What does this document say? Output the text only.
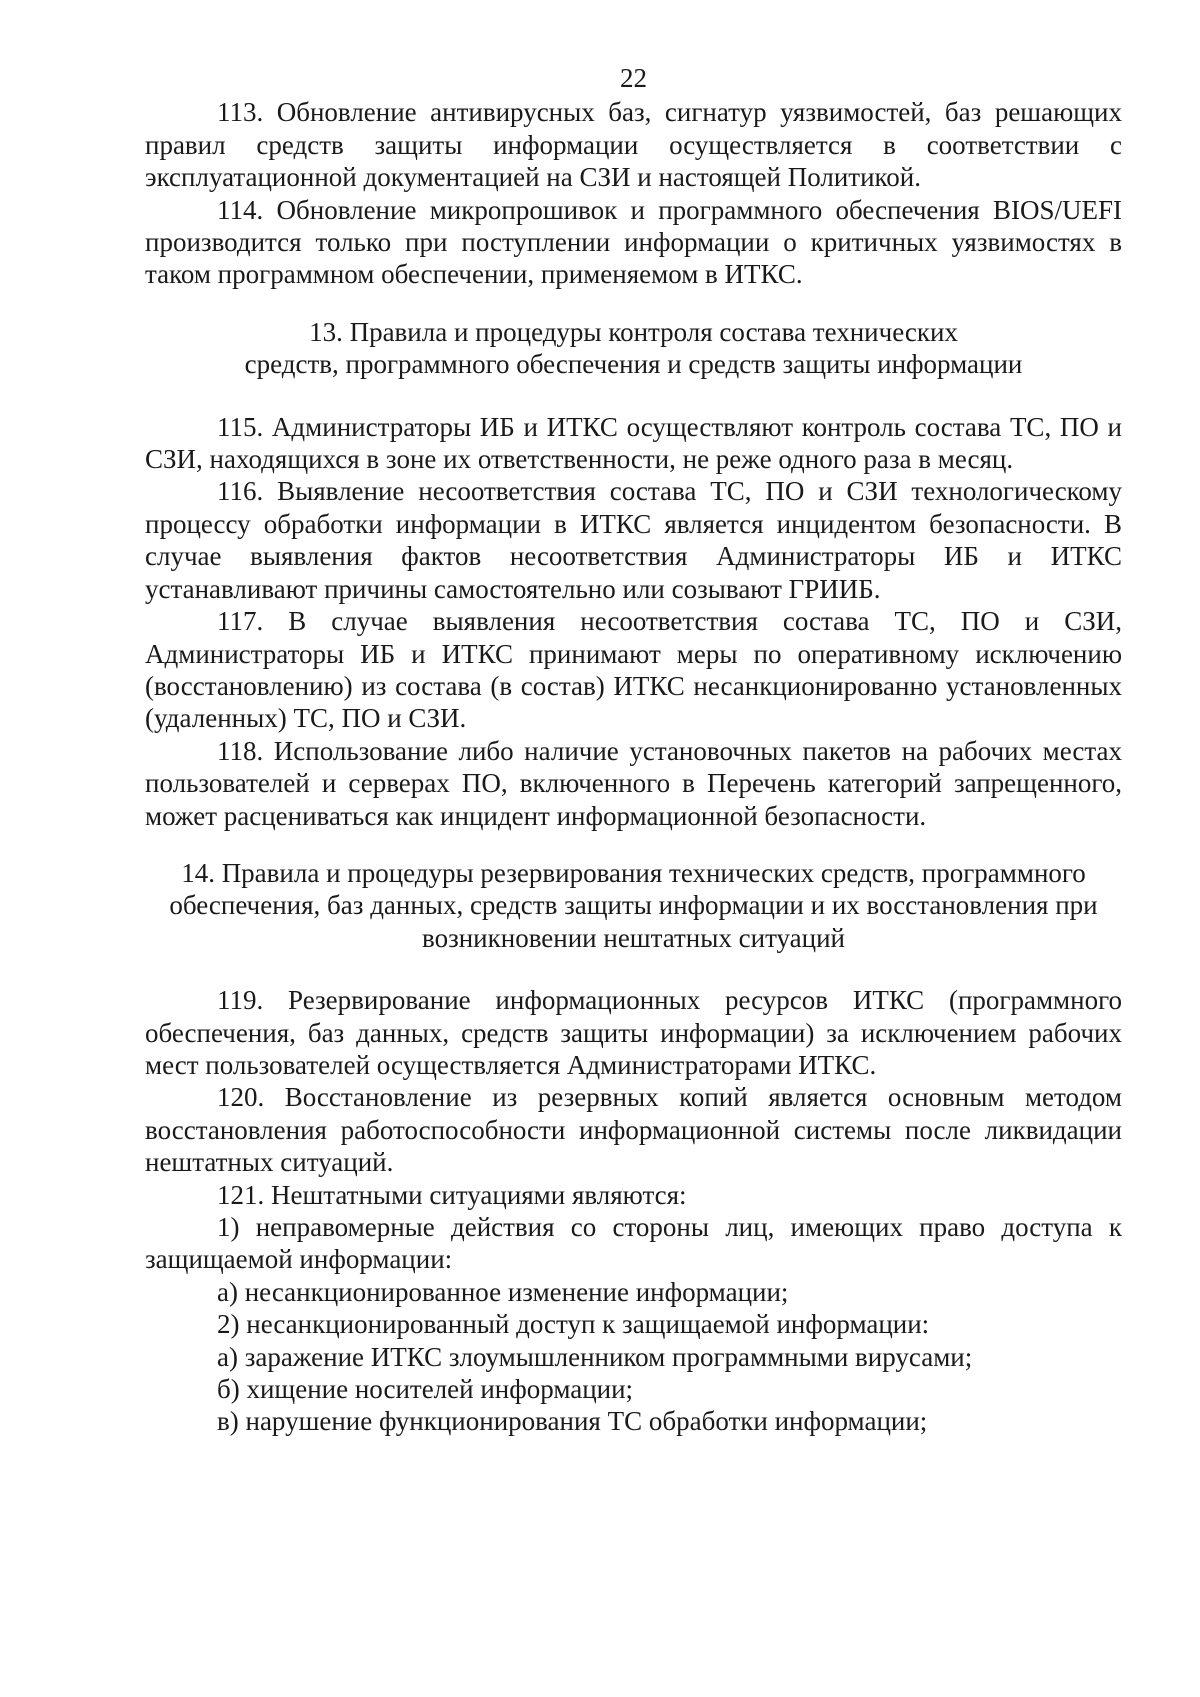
22

113. Обновление антивирусных баз, сигнатур уязвимостей, баз решающих правил средств защиты информации осуществляется в соответствии с эксплуатационной документацией на СЗИ и настоящей Политикой.

114. Обновление микропрошивок и программного обеспечения BIOS/UEFI производится только при поступлении информации о критичных уязвимостях в таком программном обеспечении, применяемом в ИТКС.

13. Правила и процедуры контроля состава технических
средств, программного обеспечения и средств защиты информации

115. Администраторы ИБ и ИТКС осуществляют контроль состава ТС, ПО и СЗИ, находящихся в зоне их ответственности, не реже одного раза в месяц.

116. Выявление несоответствия состава ТС, ПО и СЗИ технологическому процессу обработки информации в ИТКС является инцидентом безопасности. В случае выявления фактов несоответствия Администраторы ИБ и ИТКС устанавливают причины самостоятельно или созывают ГРИИБ.

117. В случае выявления несоответствия состава ТС, ПО и СЗИ, Администраторы ИБ и ИТКС принимают меры по оперативному исключению (восстановлению) из состава (в состав) ИТКС несанкционированно установленных (удаленных) ТС, ПО и СЗИ.

118. Использование либо наличие установочных пакетов на рабочих местах пользователей и серверах ПО, включенного в Перечень категорий запрещенного, может расцениваться как инцидент информационной безопасности.

14. Правила и процедуры резервирования технических средств, программного
обеспечения, баз данных, средств защиты информации и их восстановления при
возникновении нештатных ситуаций

119. Резервирование информационных ресурсов ИТКС (программного обеспечения, баз данных, средств защиты информации) за исключением рабочих мест пользователей осуществляется Администраторами ИТКС.

120. Восстановление из резервных копий является основным методом восстановления работоспособности информационной системы после ликвидации нештатных ситуаций.

121. Нештатными ситуациями являются:

1) неправомерные действия со стороны лиц, имеющих право доступа к защищаемой информации:

а) несанкционированное изменение информации;

2) несанкционированный доступ к защищаемой информации:

а) заражение ИТКС злоумышленником программными вирусами;

б) хищение носителей информации;

в) нарушение функционирования ТС обработки информации;
